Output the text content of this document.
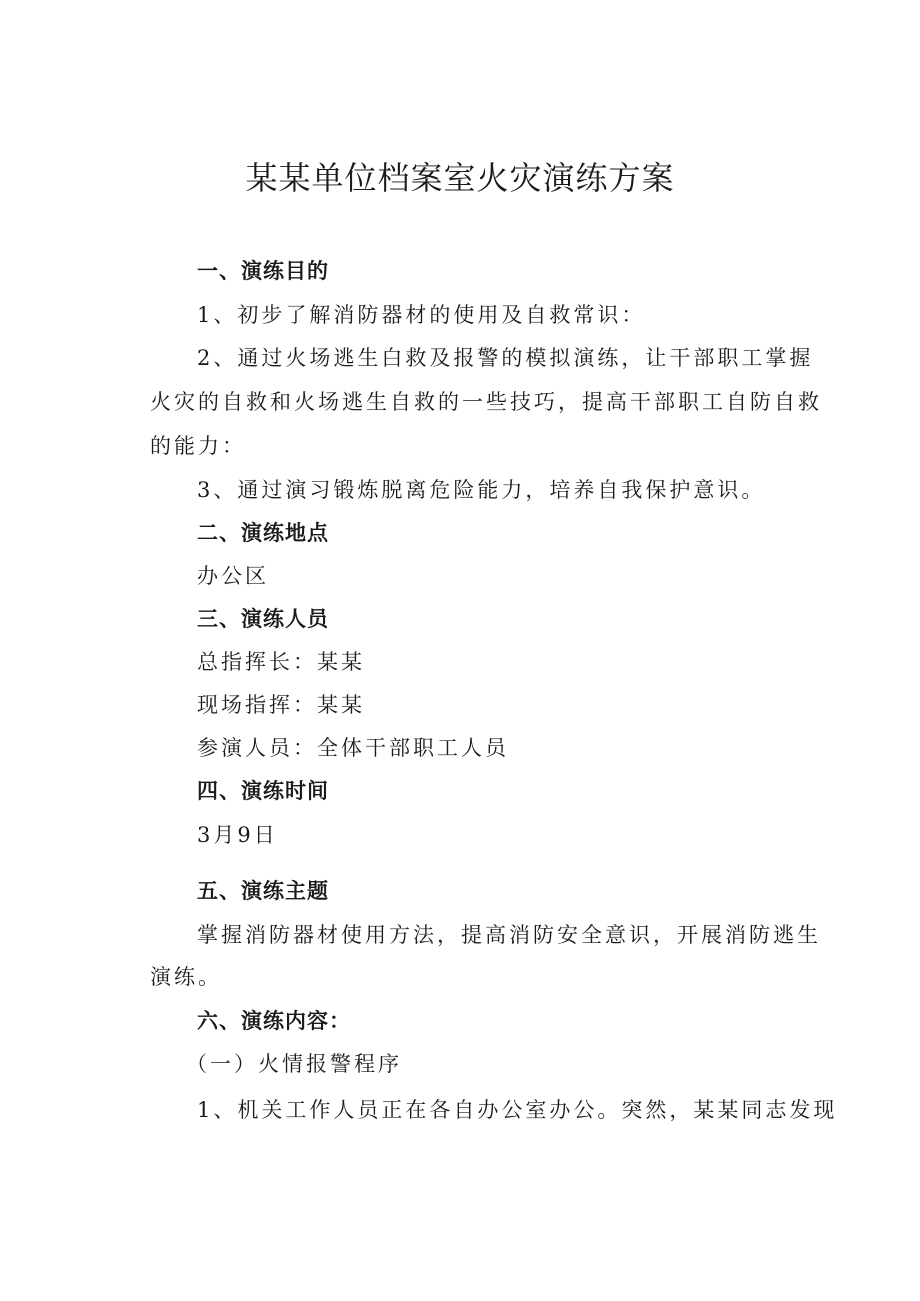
某某单位档案室火灾演练方案
一、演练目的
1、初步了解消防器材的使用及自救常识：
2、通过火场逃生白救及报警的模拟演练，让干部职工掌握
火灾的自救和火场逃生自救的一些技巧，提高干部职工自防自救
的能力：
3、通过演习锻炼脱离危险能力，培养自我保护意识。
二、演练地点
办公区
三、演练人员
总指挥长：某某
现场指挥：某某
参演人员：全体干部职工人员
四、演练时间
3月9日
五、演练主题
掌握消防器材使用方法，提高消防安全意识，开展消防逃生
演练。
六、演练内容：
（一）火情报警程序
1、机关工作人员正在各自办公室办公。突然，某某同志发现
